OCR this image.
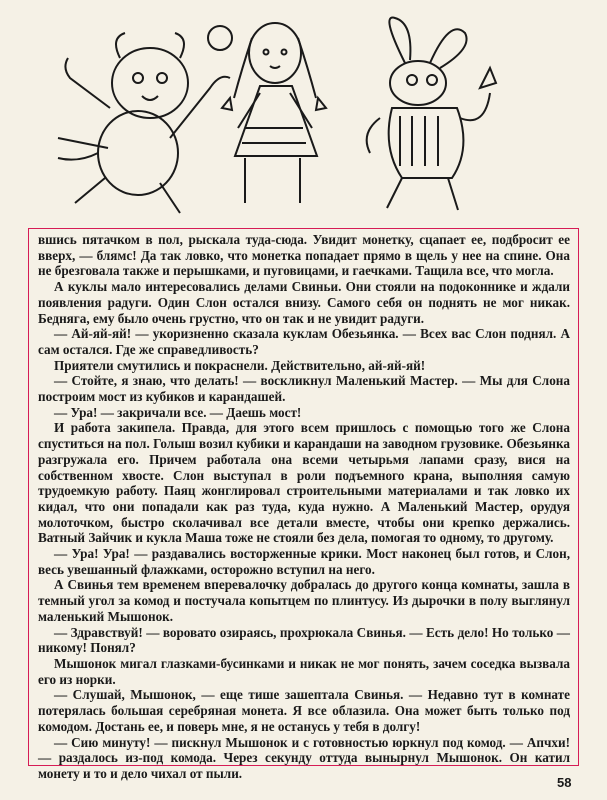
вшись пятачком в пол, рыскала туда-сюда. Увидит монетку, сцапает ее, подбросит ее вверх, — блямс! Да так ловко, что монетка попадает прямо в щель у нее на спине. Она не брезговала также и перышками, и пуговицами, и гаечками. Тащила все, что могла.

А куклы мало интересовались делами Свиньи. Они стояли на подоконнике и ждали появления радуги. Один Слон остался внизу. Самого себя он поднять не мог никак. Бедняга, ему было очень грустно, что он так и не увидит радуги.

— Ай-яй-яй! — укоризненно сказала куклам Обезьянка. — Всех вас Слон поднял. А сам остался. Где же справедливость?

Приятели смутились и покраснели. Действительно, ай-яй-яй!

— Стойте, я знаю, что делать! — воскликнул Маленький Мастер. — Мы для Слона построим мост из кубиков и карандашей.

— Ура! — закричали все. — Даешь мост!

И работа закипела. Правда, для этого всем пришлось с помощью того же Слона спуститься на пол. Голыш возил кубики и карандаши на заводном грузовике. Обезьянка разгружала его. Причем работала она всеми четырьмя лапами сразу, вися на собственном хвосте. Слон выступал в роли подъемного крана, выполняя самую трудоемкую работу. Паяц жонглировал строительными материалами и так ловко их кидал, что они попадали как раз туда, куда нужно. А Маленький Мастер, орудуя молоточком, быстро сколачивал все детали вместе, чтобы они крепко держались. Ватный Зайчик и кукла Маша тоже не стояли без дела, помогая то одному, то другому.

— Ура! Ура! — раздавались восторженные крики. Мост наконец был готов, и Слон, весь увешанный флажками, осторожно вступил на него.

А Свинья тем временем вперевалочку добралась до другого конца комнаты, зашла в темный угол за комод и постучала копытцем по плинтусу. Из дырочки в полу выглянул маленький Мышонок.

— Здравствуй! — воровато озираясь, прохрюкала Свинья. — Есть дело! Но только — никому! Понял?

Мышонок мигал глазками-бусинками и никак не мог понять, зачем соседка вызвала его из норки.

— Слушай, Мышонок, — еще тише зашептала Свинья. — Недавно тут в комнате потерялась большая серебряная монета. Я все облазила. Она может быть только под комодом. Достань ее, и поверь мне, я не останусь у тебя в долгу!

— Сию минуту! — пискнул Мышонок и с готовностью юркнул под комод. — Апчхи! — раздалось из-под комода. Через секунду оттуда вынырнул Мышонок. Он катил монету и то и дело чихал от пыли.

58
